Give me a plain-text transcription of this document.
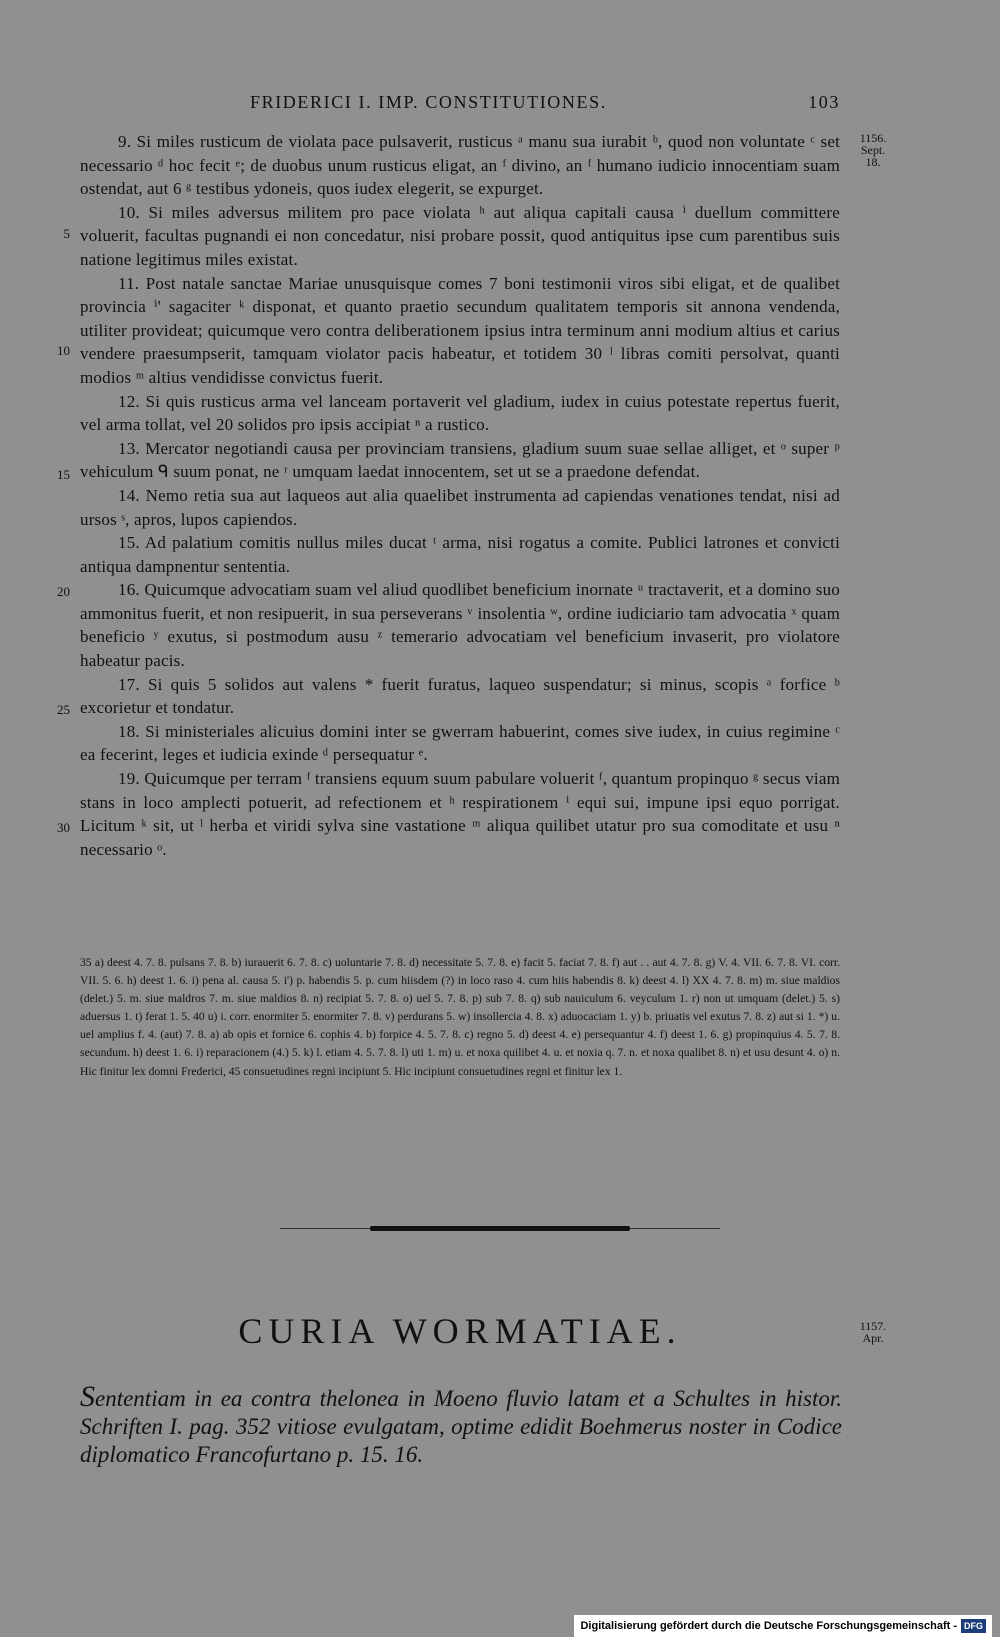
FRIDERICI I. IMP. CONSTITUTIONES.	103
1156.
Sept.
18.
5
10
15
20
25
30

9. Si miles rusticum de violata pace pulsaverit, rusticus ᵃ manu sua iurabit ᵇ, quod non voluntate ᶜ set necessario ᵈ hoc fecit ᵉ; de duobus unum rusticus eligat, an ᶠ divino, an ᶠ humano iudicio innocentiam suam ostendat, aut 6 ᵍ testibus ydoneis, quos iudex elegerit, se expurget.

10. Si miles adversus militem pro pace violata ʰ aut aliqua capitali causa ⁱ duellum committere voluerit, facultas pugnandi ei non concedatur, nisi probare possit, quod antiquitus ipse cum parentibus suis natione legitimus miles existat.

11. Post natale sanctae Mariae unusquisque comes 7 boni testimonii viros sibi eligat, et de qualibet provincia ⁱ' sagaciter ᵏ disponat, et quanto praetio secundum qualitatem temporis sit annona vendenda, utiliter provideat; quicumque vero contra deliberationem ipsius intra terminum anni modium altius et carius vendere praesumpserit, tamquam violator pacis habeatur, et totidem 30 ˡ libras comiti persolvat, quanti modios ᵐ altius vendidisse convictus fuerit.

12. Si quis rusticus arma vel lanceam portaverit vel gladium, iudex in cuius potestate repertus fuerit, vel arma tollat, vel 20 solidos pro ipsis accipiat ⁿ a rustico.

13. Mercator negotiandi causa per provinciam transiens, gladium suum suae sellae alliget, et ᵒ super ᵖ vehiculum ᑫ suum ponat, ne ʳ umquam laedat innocentem, set ut se a praedone defendat.

14. Nemo retia sua aut laqueos aut alia quaelibet instrumenta ad capiendas venationes tendat, nisi ad ursos ˢ, apros, lupos capiendos.

15. Ad palatium comitis nullus miles ducat ᵗ arma, nisi rogatus a comite. Publici latrones et convicti antiqua dampnentur sententia.

16. Quicumque advocatiam suam vel aliud quodlibet beneficium inornate ᵘ tractaverit, et a domino suo ammonitus fuerit, et non resipuerit, in sua perseverans ᵛ insolentia ʷ, ordine iudiciario tam advocatia ˣ quam beneficio ʸ exutus, si postmodum ausu ᶻ temerario advocatiam vel beneficium invaserit, pro violatore habeatur pacis.

17. Si quis 5 solidos aut valens * fuerit furatus, laqueo suspendatur; si minus, scopis ᵃ forfice ᵇ excorietur et tondatur.

18. Si ministeriales alicuius domini inter se gwerram habuerint, comes sive iudex, in cuius regimine ᶜ ea fecerint, leges et iudicia exinde ᵈ persequatur ᵉ.

19. Quicumque per terram ᶠ transiens equum suum pabulare voluerit ᶠ, quantum propinquo ᵍ secus viam stans in loco amplecti potuerit, ad refectionem et ʰ respirationem ⁱ equi sui, impune ipsi equo porrigat. Licitum ᵏ sit, ut ˡ herba et viridi sylva sine vastatione ᵐ aliqua quilibet utatur pro sua comoditate et usu ⁿ necessario ᵒ.

35 a) deest 4. 7. 8. pulsans 7. 8. b) iurauerit 6. 7. 8. c) uoluntarie 7. 8. d) necessitate 5. 7. 8. e) facit 5. faciat 7. 8. f) aut . . aut 4. 7. 8. g) V. 4. VII. 6. 7. 8. VI. corr. VII. 5. 6. h) deest 1. 6. i) pena al. causa 5. i') p. habendis 5. p. cum hiisdem (?) in loco raso 4. cum hiis habendis 8. k) deest 4. l) XX 4. 7. 8. m) m. siue maldios (delet.) 5. m. siue maldros 7. m. siue maldios 8. n) recipiat 5. 7. 8. o) uel 5. 7. 8. p) sub 7. 8. q) sub nauiculum 6. veyculum 1. r) non ut umquam (delet.) 5. s) aduersus 1. t) ferat 1. 5. 40 u) i. corr. enormiter 5. enormiter 7. 8. v) perdurans 5. w) insollercia 4. 8. x) aduocaciam 1. y) b. priuatis vel exutus 7. 8. z) aut si 1. *) u. uel amplius f. 4. (aut) 7. 8. a) ab opis et fornice 6. cophis 4. b) forpice 4. 5. 7. 8. c) regno 5. d) deest 4. e) persequantur 4. f) deest 1. 6. g) propinquius 4. 5. 7. 8. secundum. h) deest 1. 6. i) reparacionem (4.) 5. k) l. etiam 4. 5. 7. 8. l) uti 1. m) u. et noxa quilibet 4. u. et noxia q. 7. n. et noxa qualibet 8. n) et usu desunt 4. o) n. Hic finitur lex domni Frederici, 45 consuetudines regni incipiunt 5. Hic incipiunt consuetudines regni et finitur lex 1.
CURIA WORMATIAE.	1157.
Apr.
Sententiam in ea contra thelonea in Moeno fluvio latam et a Schultes in histor. Schriften I. pag. 352 vitiose evulgatam, optime edidit Boehmerus noster in Codice diplomatico Francofurtano p. 15. 16.
Digitalisierung gefördert durch die Deutsche Forschungsgemeinschaft - DFG
